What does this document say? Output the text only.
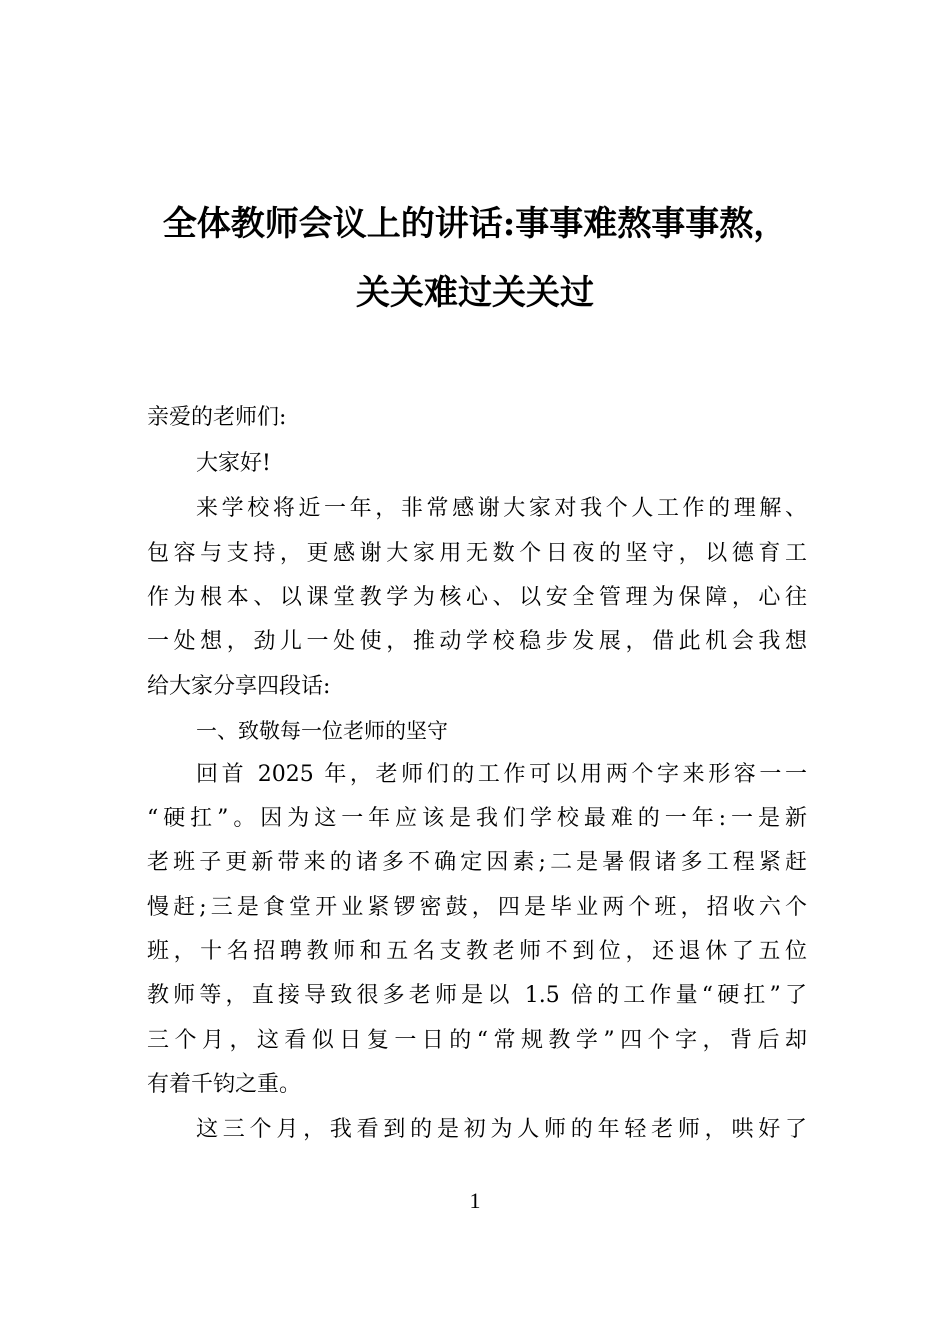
全体教师会议上的讲话:事事难熬事事熬，
关关难过关关过
亲爱的老师们:
大家好!
来学校将近一年，非常感谢大家对我个人工作的理解、
包容与支持，更感谢大家用无数个日夜的坚守，以德育工
作为根本、以课堂教学为核心、以安全管理为保障，心往
一处想，劲儿一处使，推动学校稳步发展，借此机会我想
给大家分享四段话:
一、致敬每一位老师的坚守
回首 2025 年，老师们的工作可以用两个字来形容一一
“硬扛”。因为这一年应该是我们学校最难的一年:一是新
老班子更新带来的诸多不确定因素;二是暑假诸多工程紧赶
慢赶;三是食堂开业紧锣密鼓，四是毕业两个班，招收六个
班，十名招聘教师和五名支教老师不到位，还退休了五位
教师等，直接导致很多老师是以 1.5 倍的工作量“硬扛”了
三个月，这看似日复一日的“常规教学”四个字，背后却
有着千钧之重。
这三个月，我看到的是初为人师的年轻老师，哄好了
1
